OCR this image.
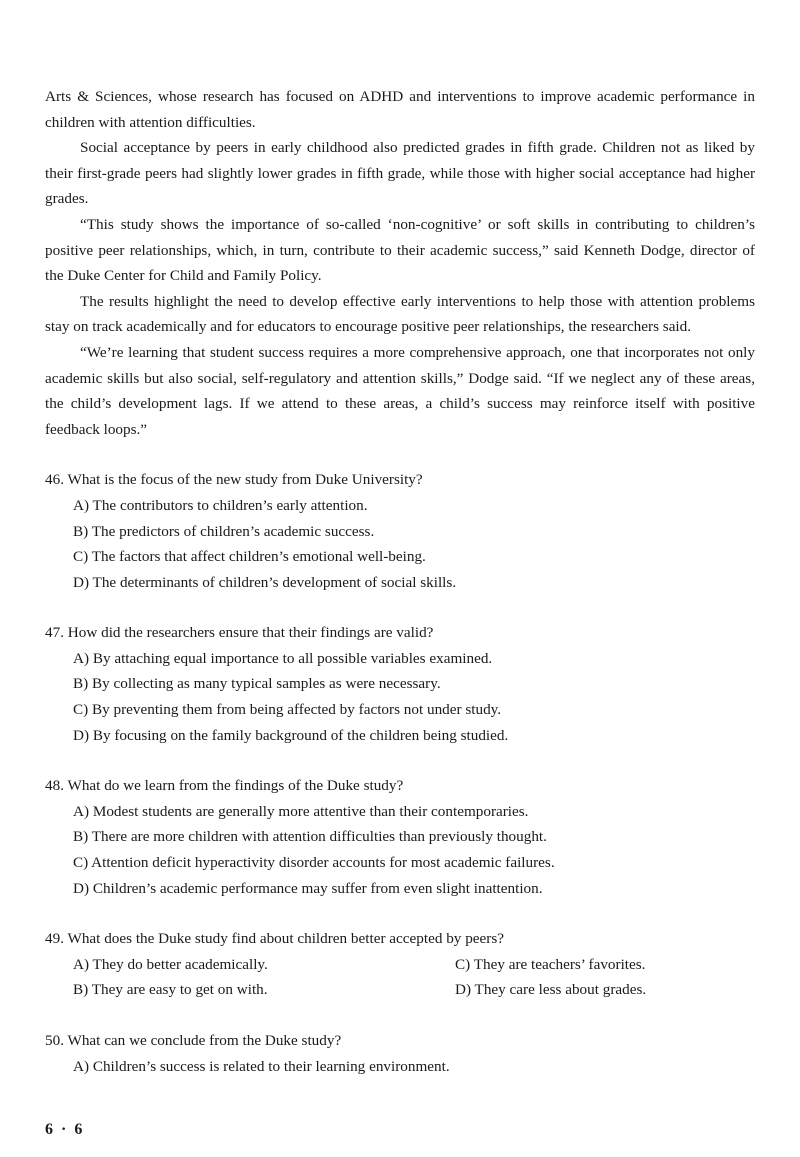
Arts & Sciences, whose research has focused on ADHD and interventions to improve academic performance in children with attention difficulties.

Social acceptance by peers in early childhood also predicted grades in fifth grade. Children not as liked by their first-grade peers had slightly lower grades in fifth grade, while those with higher social acceptance had higher grades.

“This study shows the importance of so-called ‘non-cognitive’ or soft skills in contributing to children’s positive peer relationships, which, in turn, contribute to their academic success,” said Kenneth Dodge, director of the Duke Center for Child and Family Policy.

The results highlight the need to develop effective early interventions to help those with attention problems stay on track academically and for educators to encourage positive peer relationships, the researchers said.

“We’re learning that student success requires a more comprehensive approach, one that incorporates not only academic skills but also social, self-regulatory and attention skills,” Dodge said. “If we neglect any of these areas, the child’s development lags. If we attend to these areas, a child’s success may reinforce itself with positive feedback loops.”

46. What is the focus of the new study from Duke University?

A) The contributors to children’s early attention.

B) The predictors of children’s academic success.

C) The factors that affect children’s emotional well-being.

D) The determinants of children’s development of social skills.

47. How did the researchers ensure that their findings are valid?

A) By attaching equal importance to all possible variables examined.

B) By collecting as many typical samples as were necessary.

C) By preventing them from being affected by factors not under study.

D) By focusing on the family background of the children being studied.

48. What do we learn from the findings of the Duke study?

A) Modest students are generally more attentive than their contemporaries.

B) There are more children with attention difficulties than previously thought.

C) Attention deficit hyperactivity disorder accounts for most academic failures.

D) Children’s academic performance may suffer from even slight inattention.

49. What does the Duke study find about children better accepted by peers?

A) They do better academically.	C) They are teachers’ favorites.

B) They are easy to get on with.	D) They care less about grades.

50. What can we conclude from the Duke study?

A) Children’s success is related to their learning environment.

6 · 6
